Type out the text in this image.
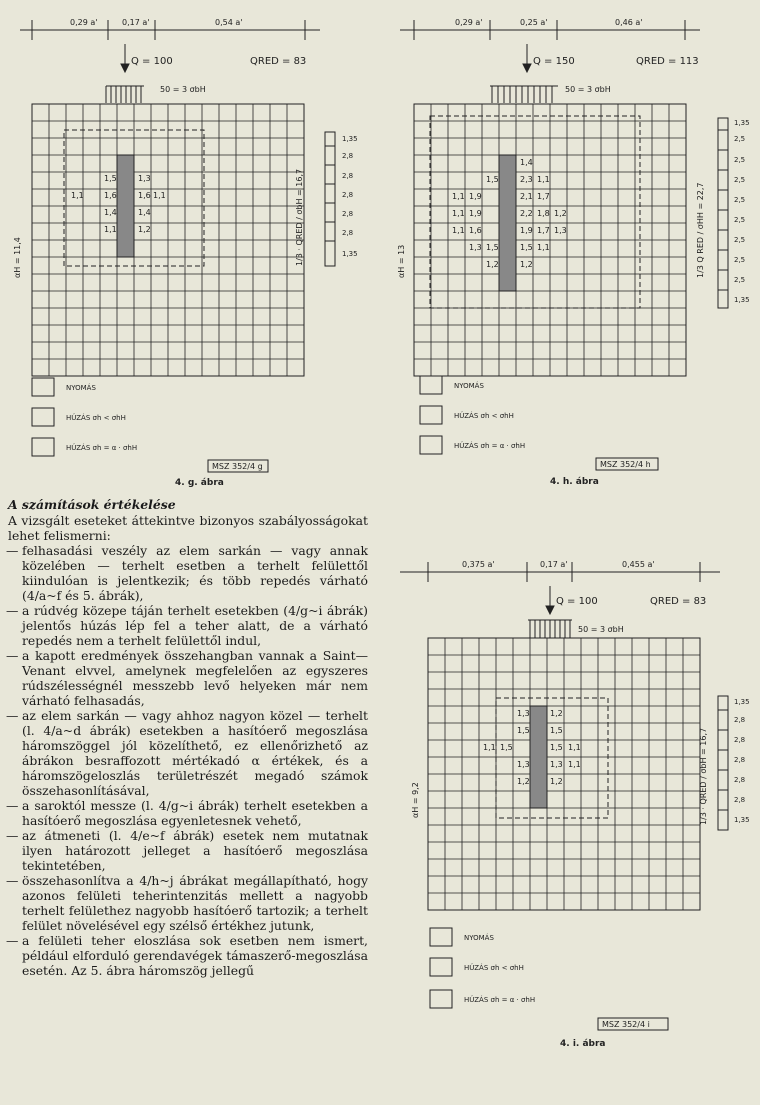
0,29 a'	0,17 a'	0,54 a'
Q = 100	QRED = 83
50 = 3 σbH
αH = 11,4	1/3 · QRED / σbH = 16,7
1,35
2,8
2,8
2,8
2,8
2,8
1,35
NYOMÁS
HÚZÁS σh < σhH
HÚZÁS σh = α · σhH
MSZ 352/4 g
4. g. ábra
1,5	1,3
1,1	1,6	1,6 1,1
1,4	1,4
1,1	1,2
0,29 a'	0,25 a'	0,46 a'
Q = 150	QRED = 113
50 = 3 σbH
αH = 13	1/3 Q RED / σHH = 22,7
1,35
2,5
2,5
2,5
2,5
2,5
2,5
2,5
2,5
1,35
NYOMÁS
HÚZÁS σh < σhH
HÚZÁS σh = α · σhH
MSZ 352/4 h
4. h. ábra
1,4
1,5	2,3 1,1
1,1 1,9	2,1 1,7
1,1 1,9	2,2 1,8 1,2
1,1 1,6	1,9 1,7 1,3
1,3 1,5	1,5 1,1
1,2	1,2
0,375 a'	0,17 a'	0,455 a'
Q = 100	QRED = 83
50 = 3 σbH
αH = 9,2	1/3 · QRED / σbH = 16,7
1,35
2,8
2,8
2,8
2,8
2,8
1,35
NYOMÁS
HÚZÁS σh < σhH
HÚZÁS σh = α · σhH
MSZ 352/4 i
4. i. ábra
1,3	1,2
1,5	1,5
1,1 1,5	1,5 1,1
1,3	1,3 1,1
1,2	1,2
A számítások értékelése

A vizsgált eseteket áttekintve bizonyos szabályosságokat lehet felismerni:

— felhasadási veszély az elem sarkán — vagy annak közelében — terhelt esetben a terhelt felülettől kiindulóan is jelentkezik; és több repedés várható (4/a~f és 5. ábrák),
— a rúdvég közepe táján terhelt esetekben (4/g~i ábrák) jelentős húzás lép fel a teher alatt, de a várható repedés nem a terhelt felülettől indul,
— a kapott eredmények összehangban vannak a Saint—Venant elvvel, amelynek megfelelően az egyszeres rúdszélességnél messzebb levő helyeken már nem várható felhasadás,
— az elem sarkán — vagy ahhoz nagyon közel — terhelt (l. 4/a~d ábrák) esetekben a hasítóerő megoszlása háromszöggel jól közelíthető, ez ellenőrizhető az ábrákon besraffozott mértékadó α értékek, és a háromszögeloszlás területrészét megadó számok összehasonlításával,
— a saroktól messze (l. 4/g~i ábrák) terhelt esetekben a hasítóerő megoszlása egyenletesnek vehető,
— az átmeneti (l. 4/e~f ábrák) esetek nem mutatnak ilyen határozott jelleget a hasítóerő megoszlása tekintetében,
— összehasonlítva a 4/h~j ábrákat megállapítható, hogy azonos felületi teherintenzitás mellett a nagyobb terhelt felülethez nagyobb hasítóerő tartozik; a terhelt felület növelésével egy szélső értékhez jutunk,
— a felületi teher eloszlása sok esetben nem ismert, például elforduló gerendavégek támaszerő-megoszlása esetén. Az 5. ábra háromszög jellegű
